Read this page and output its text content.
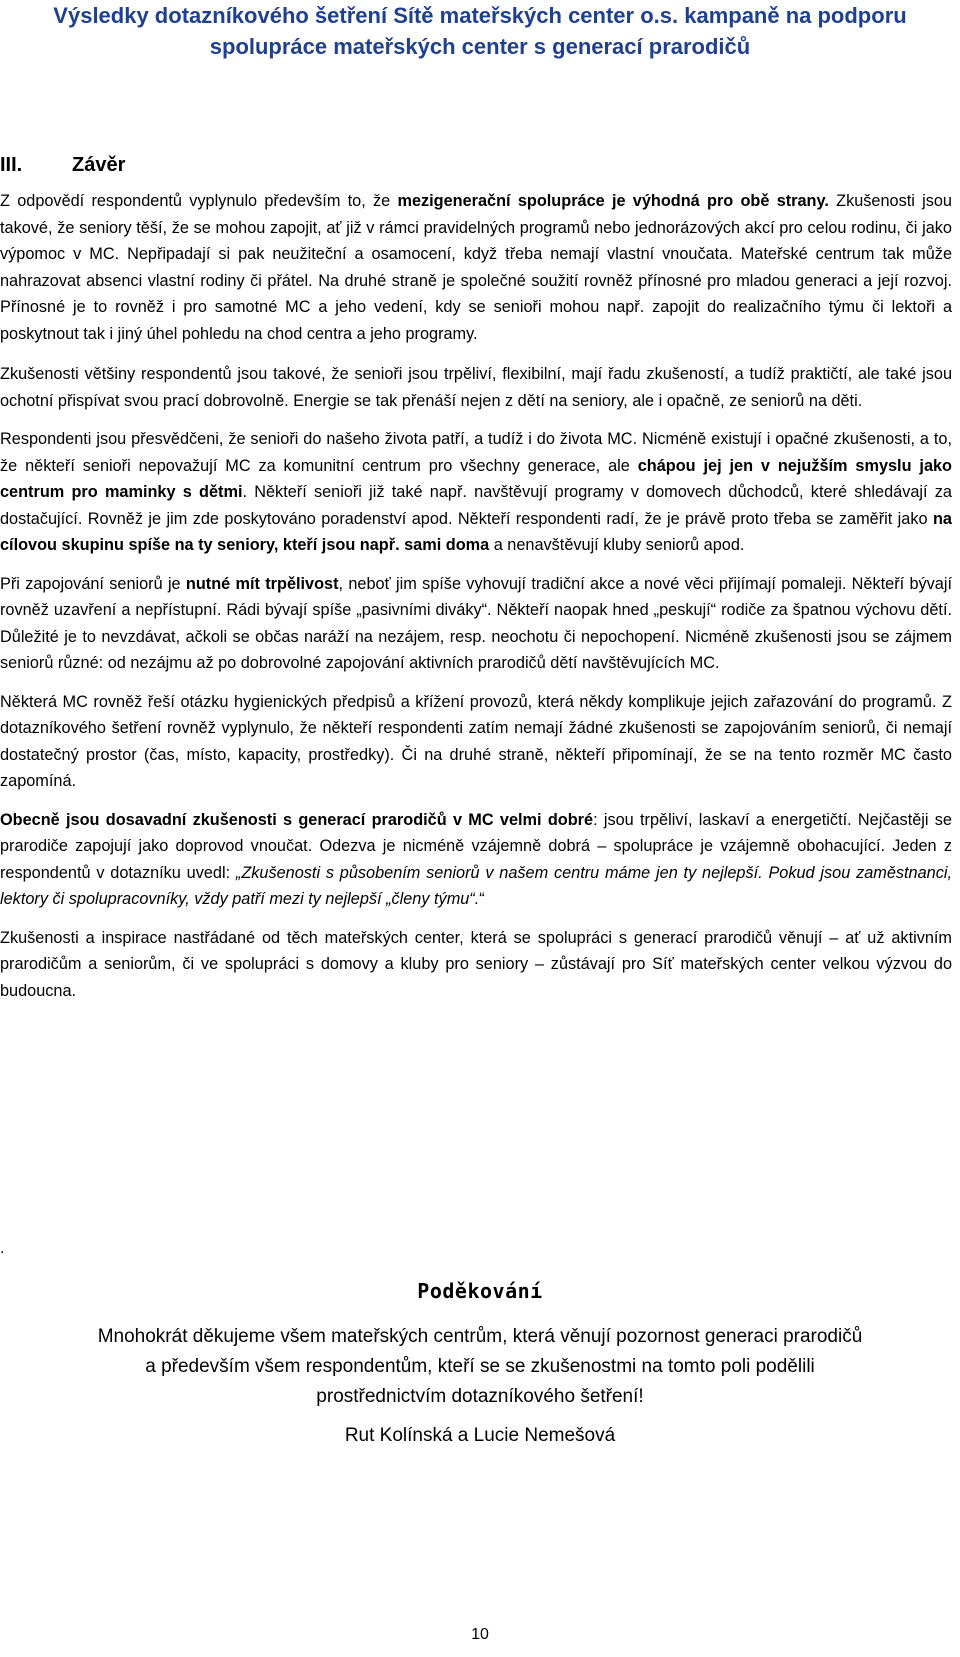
Výsledky dotazníkového šetření Sítě mateřských center o.s. kampaně na podporu
spolupráce mateřských center s generací prarodičů
III. Závěr

Z odpovědí respondentů vyplynulo především to, že mezigenerační spolupráce je výhodná pro obě strany. Zkušenosti jsou takové, že seniory těší, že se mohou zapojit, ať již v rámci pravidelných programů nebo jednorázových akcí pro celou rodinu, či jako výpomoc v MC. Nepřipadají si pak neužiteční a osamocení, když třeba nemají vlastní vnoučata. Mateřské centrum tak může nahrazovat absenci vlastní rodiny či přátel. Na druhé straně je společné soužití rovněž přínosné pro mladou generaci a její rozvoj. Přínosné je to rovněž i pro samotné MC a jeho vedení, kdy se senioři mohou např. zapojit do realizačního týmu či lektoři a poskytnout tak i jiný úhel pohledu na chod centra a jeho programy.

Zkušenosti většiny respondentů jsou takové, že senioři jsou trpěliví, flexibilní, mají řadu zkušeností, a tudíž praktičtí, ale také jsou ochotní přispívat svou prací dobrovolně. Energie se tak přenáší nejen z dětí na seniory, ale i opačně, ze seniorů na děti.

Respondenti jsou přesvědčeni, že senioři do našeho života patří, a tudíž i do života MC. Nicméně existují i opačné zkušenosti, a to, že někteří senioři nepovažují MC za komunitní centrum pro všechny generace, ale chápou jej jen v nejužším smyslu jako centrum pro maminky s dětmi. Někteří senioři již také např. navštěvují programy v domovech důchodců, které shledávají za dostačující. Rovněž je jim zde poskytováno poradenství apod. Někteří respondenti radí, že je právě proto třeba se zaměřit jako na cílovou skupinu spíše na ty seniory, kteří jsou např. sami doma a nenavštěvují kluby seniorů apod.

Při zapojování seniorů je nutné mít trpělivost, neboť jim spíše vyhovují tradiční akce a nové věci přijímají pomaleji. Někteří bývají rovněž uzavření a nepřístupní. Rádi bývají spíše „pasivními diváky“. Někteří naopak hned „peskují“ rodiče za špatnou výchovu dětí. Důležité je to nevzdávat, ačkoli se občas naráží na nezájem, resp. neochotu či nepochopení. Nicméně zkušenosti jsou se zájmem seniorů různé: od nezájmu až po dobrovolné zapojování aktivních prarodičů dětí navštěvujících MC.

Některá MC rovněž řeší otázku hygienických předpisů a křížení provozů, která někdy komplikuje jejich zařazování do programů. Z dotazníkového šetření rovněž vyplynulo, že někteří respondenti zatím nemají žádné zkušenosti se zapojováním seniorů, či nemají dostatečný prostor (čas, místo, kapacity, prostředky). Či na druhé straně, někteří připomínají, že se na tento rozměr MC často zapomíná.

Obecně jsou dosavadní zkušenosti s generací prarodičů v MC velmi dobré: jsou trpěliví, laskaví a energetičtí. Nejčastěji se prarodiče zapojují jako doprovod vnoučat. Odezva je nicméně vzájemně dobrá – spolupráce je vzájemně obohacující. Jeden z respondentů v dotazníku uvedl: „Zkušenosti s působením seniorů v našem centru máme jen ty nejlepší. Pokud jsou zaměstnanci, lektory či spolupracovníky, vždy patří mezi ty nejlepší „členy týmu“.“

Zkušenosti a inspirace nastřádané od těch mateřských center, která se spolupráci s generací prarodičů věnují – ať už aktivním prarodičům a seniorům, či ve spolupráci s domovy a kluby pro seniory – zůstávají pro Síť mateřských center velkou výzvou do budoucna.

.
Poděkování
Mnohokrát děkujeme všem mateřských centrům, která věnují pozornost generaci prarodičů
a především všem respondentům, kteří se se zkušenostmi na tomto poli podělili
prostřednictvím dotazníkového šetření!
Rut Kolínská a Lucie Nemešová
10
